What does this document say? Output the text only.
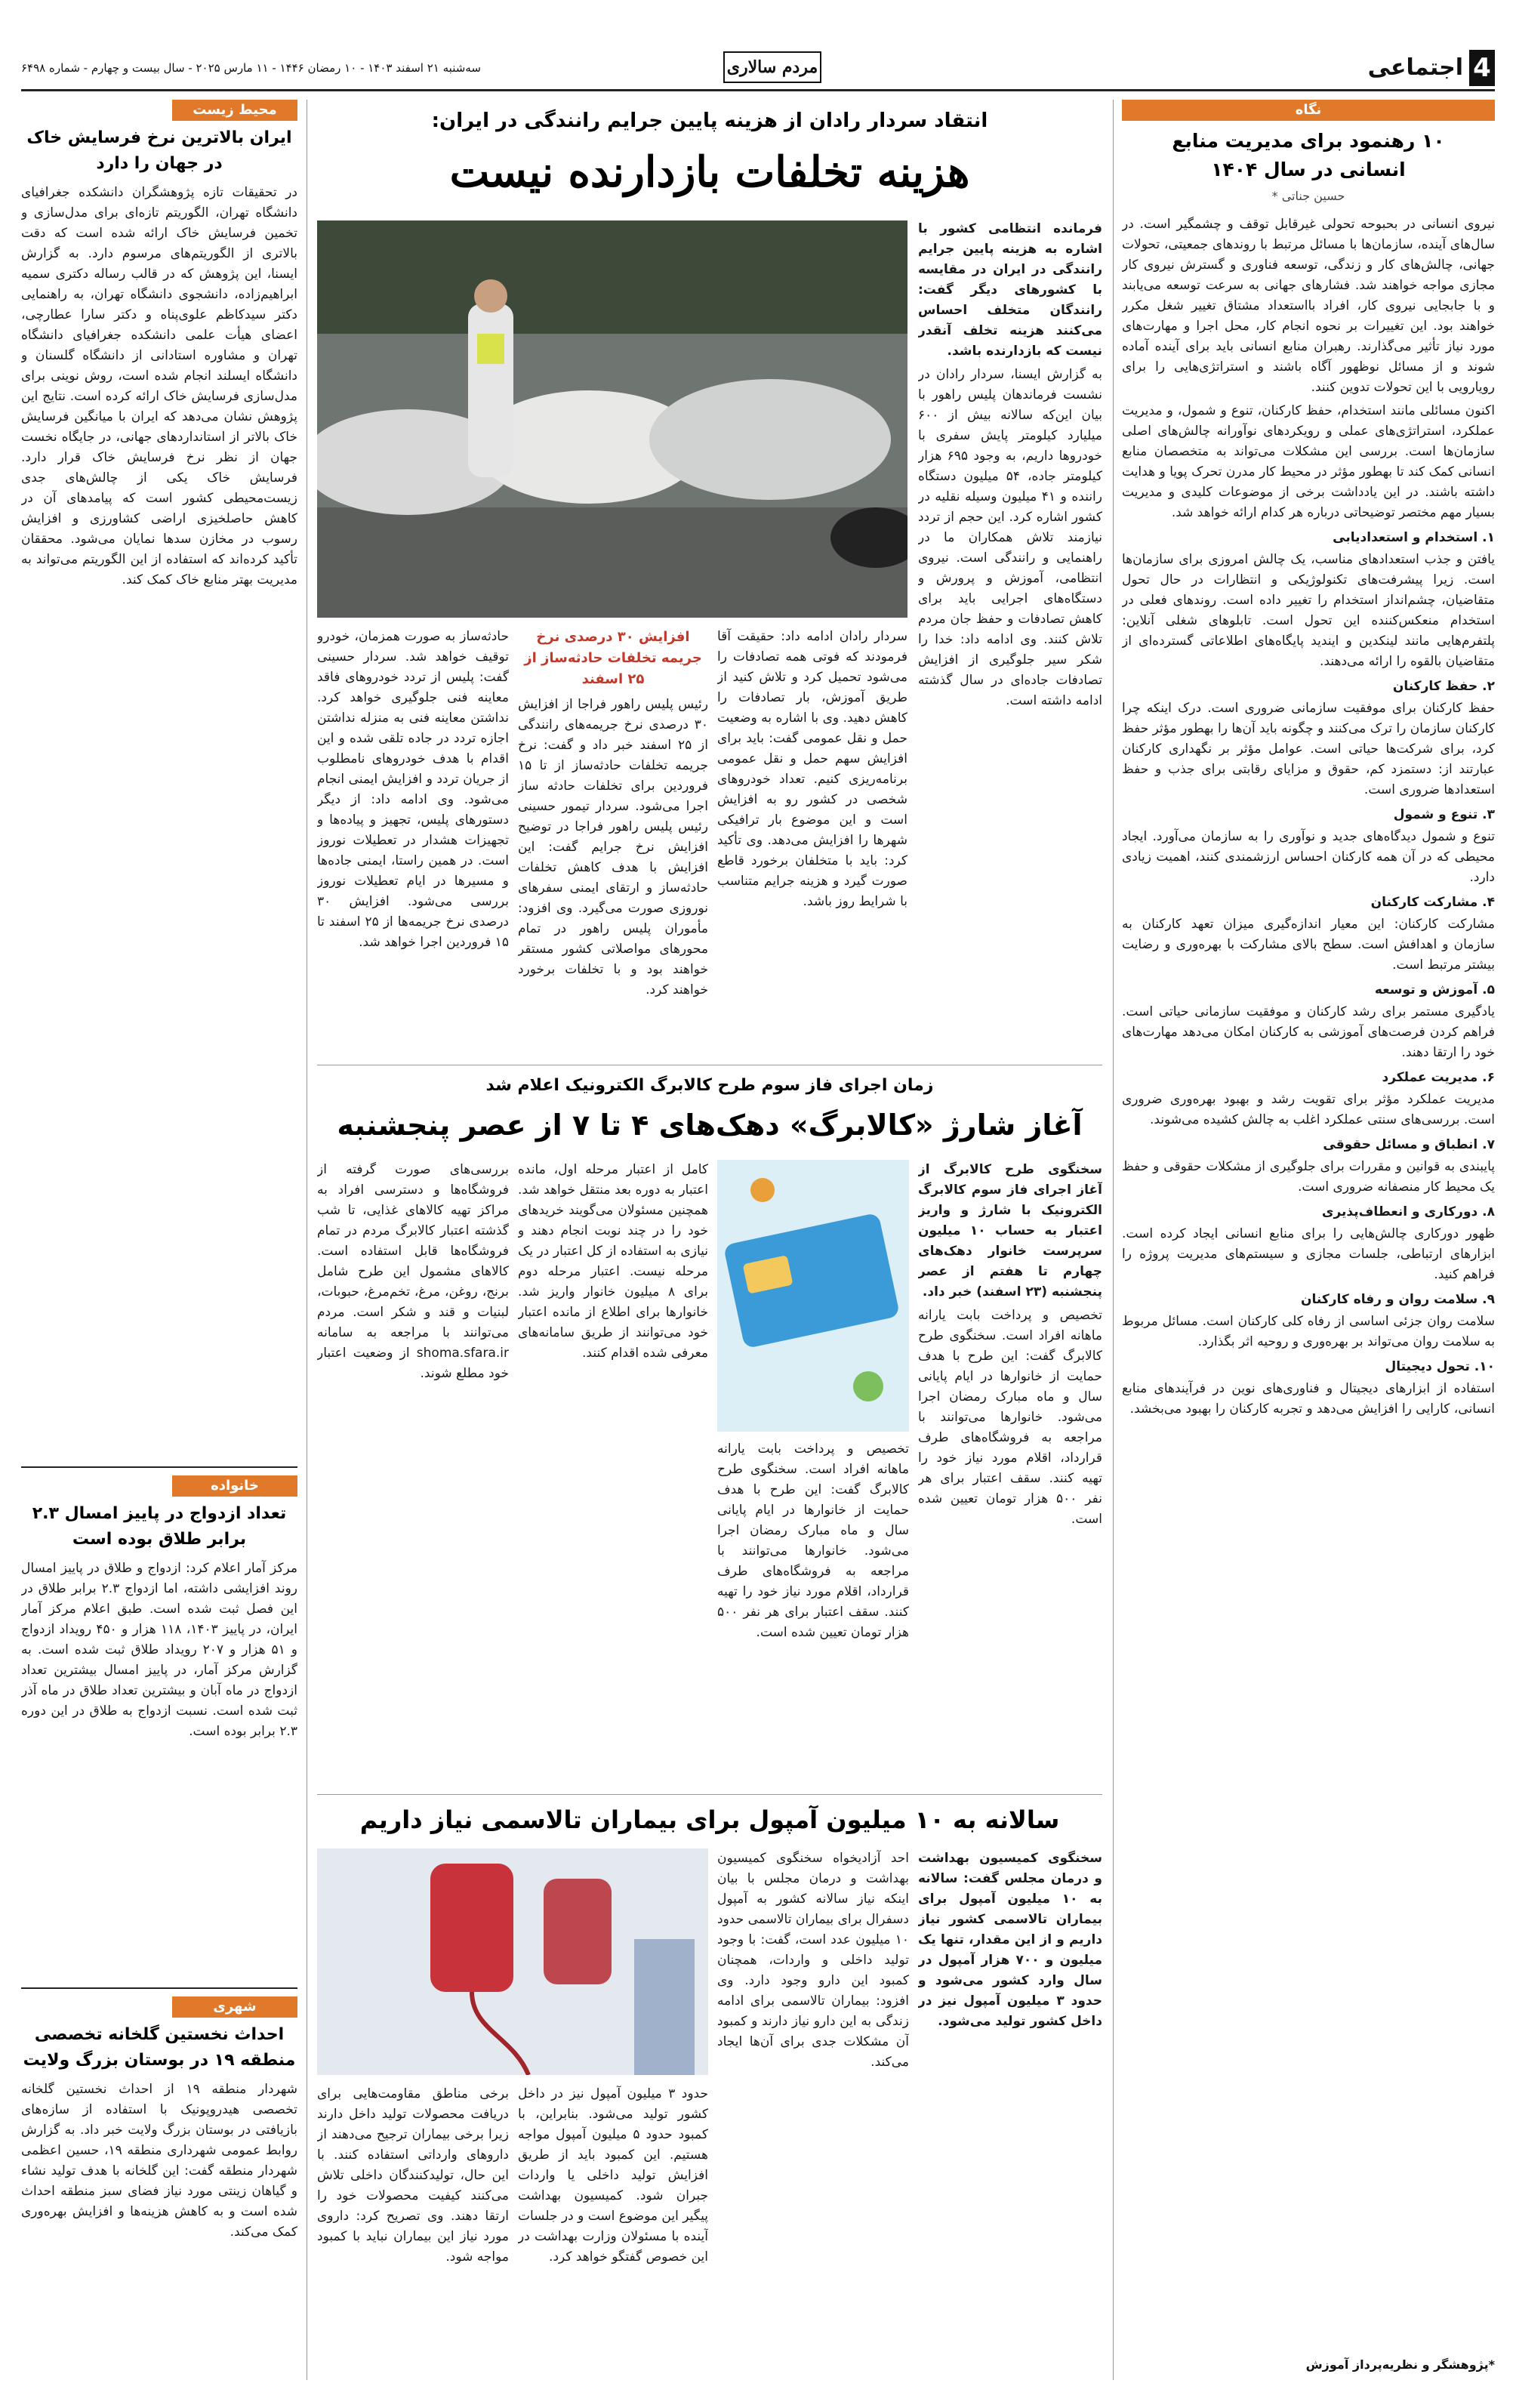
4
اجتماعی
مردم سالاری
سه‌شنبه ۲۱ اسفند ۱۴۰۳ - ۱۰ رمضان ۱۴۴۶ - ۱۱ مارس ۲۰۲۵ - سال بیست و چهارم - شماره ۶۴۹۸
نگاه
۱۰ رهنمود برای مدیریت منابع انسانی در سال ۱۴۰۴
حسین جناتی *

نیروی انسانی در بحبوحه تحولی غیرقابل توقف و چشمگیر است. در سال‌های آینده، سازمان‌ها با مسائل مرتبط با روندهای جمعیتی، تحولات جهانی، چالش‌های کار و زندگی، توسعه فناوری و گسترش نیروی کار مجازی مواجه خواهند شد. فشارهای جهانی به سرعت توسعه می‌یابند و با جابجایی نیروی کار، افراد بااستعداد مشتاق تغییر شغل مکرر خواهند بود. این تغییرات بر نحوه انجام کار، محل اجرا و مهارت‌های مورد نیاز تأثیر می‌گذارند. رهبران منابع انسانی باید برای آینده آماده شوند و از مسائل نوظهور آگاه باشند و استراتژی‌هایی را برای رویارویی با این تحولات تدوین کنند.

اکنون مسائلی مانند استخدام، حفظ کارکنان، تنوع و شمول، و مدیریت عملکرد، استراتژی‌های عملی و رویکردهای نوآورانه چالش‌های اصلی سازمان‌ها است. بررسی این مشکلات می‌تواند به متخصصان منابع انسانی کمک کند تا بهطور مؤثر در محیط کار مدرن تحرک پویا و هدایت داشته باشند. در این یادداشت برخی از موضوعات کلیدی و مدیریت بسیار مهم مختصر توضیحاتی درباره هر کدام ارائه خواهد شد.

۱. استخدام و استعدادیابی

یافتن و جذب استعدادهای مناسب، یک چالش امروزی برای سازمان‌ها است. زیرا پیشرفت‌های تکنولوژیکی و انتظارات در حال تحول متقاضیان، چشم‌انداز استخدام را تغییر داده است. روندهای فعلی در استخدام منعکس‌کننده این تحول است. تابلوهای شغلی آنلاین: پلتفرم‌هایی مانند لینکدین و ایندید پایگاه‌های اطلاعاتی گسترده‌ای از متقاضیان بالقوه را ارائه می‌دهند.

۲. حفظ کارکنان

حفظ کارکنان برای موفقیت سازمانی ضروری است. درک اینکه چرا کارکنان سازمان را ترک می‌کنند و چگونه باید آن‌ها را بهطور مؤثر حفظ کرد، برای شرکت‌ها حیاتی است. عوامل مؤثر بر نگهداری کارکنان عبارتند از: دستمزد کم، حقوق و مزایای رقابتی برای جذب و حفظ استعدادها ضروری است.

۳. تنوع و شمول

تنوع و شمول دیدگاه‌های جدید و نوآوری را به سازمان می‌آورد. ایجاد محیطی که در آن همه کارکنان احساس ارزشمندی کنند، اهمیت زیادی دارد.

۴. مشارکت کارکنان

مشارکت کارکنان: این معیار اندازه‌گیری میزان تعهد کارکنان به سازمان و اهدافش است. سطح بالای مشارکت با بهره‌وری و رضایت بیشتر مرتبط است.

۵. آموزش و توسعه

یادگیری مستمر برای رشد کارکنان و موفقیت سازمانی حیاتی است. فراهم کردن فرصت‌های آموزشی به کارکنان امکان می‌دهد مهارت‌های خود را ارتقا دهند.

۶. مدیریت عملکرد

مدیریت عملکرد مؤثر برای تقویت رشد و بهبود بهره‌وری ضروری است. بررسی‌های سنتی عملکرد اغلب به چالش کشیده می‌شوند.

۷. انطباق و مسائل حقوقی

پایبندی به قوانین و مقررات برای جلوگیری از مشکلات حقوقی و حفظ یک محیط کار منصفانه ضروری است.

۸. دورکاری و انعطاف‌پذیری

ظهور دورکاری چالش‌هایی را برای منابع انسانی ایجاد کرده است. ابزارهای ارتباطی، جلسات مجازی و سیستم‌های مدیریت پروژه را فراهم کنید.

۹. سلامت روان و رفاه کارکنان

سلامت روان جزئی اساسی از رفاه کلی کارکنان است. مسائل مربوط به سلامت روان می‌تواند بر بهره‌وری و روحیه اثر بگذارد.

۱۰. تحول دیجیتال

استفاده از ابزارهای دیجیتال و فناوری‌های نوین در فرآیندهای منابع انسانی، کارایی را افزایش می‌دهد و تجربه کارکنان را بهبود می‌بخشد.

*پژوهشگر و نظریه‌پرداز آموزش
انتقاد سردار رادان از هزینه پایین جرایم رانندگی در ایران:
هزینه تخلفات بازدارنده نیست

فرمانده انتظامی کشور با اشاره به هزینه پایین جرایم رانندگی در ایران در مقایسه با کشورهای دیگر گفت: رانندگان متخلف احساس می‌کنند هزینه تخلف آنقدر نیست که بازدارنده باشد.

به گزارش ایسنا، سردار رادان در نشست فرماندهان پلیس راهور با بیان این‌که سالانه بیش از ۶۰۰ میلیارد کیلومتر پایش سفری با خودروها داریم، به وجود ۶۹۵ هزار کیلومتر جاده، ۵۴ میلیون دستگاه راننده و ۴۱ میلیون وسیله نقلیه در کشور اشاره کرد. این حجم از تردد نیازمند تلاش همکاران ما در راهنمایی و رانندگی است. نیروی انتظامی، آموزش و پرورش و دستگاه‌های اجرایی باید برای کاهش تصادفات و حفظ جان مردم تلاش کنند. وی ادامه داد: خدا را شکر سیر جلوگیری از افزایش تصادفات جاده‌ای در سال گذشته ادامه داشته است.

سردار رادان ادامه داد: حقیقت آقا فرمودند که فوتی همه تصادفات را می‌شود تحمیل کرد و تلاش کنید از طریق آموزش، بار تصادفات را کاهش دهید. وی با اشاره به وضعیت حمل و نقل عمومی گفت: باید برای افزایش سهم حمل و نقل عمومی برنامه‌ریزی کنیم. تعداد خودروهای شخصی در کشور رو به افزایش است و این موضوع بار ترافیکی شهرها را افزایش می‌دهد. وی تأکید کرد: باید با متخلفان برخورد قاطع صورت گیرد و هزینه جرایم متناسب با شرایط روز باشد.

افزایش ۳۰ درصدی نرخ جریمه تخلفات حادثه‌ساز از ۲۵ اسفند
رئیس پلیس راهور فراجا از افزایش ۳۰ درصدی نرخ جریمه‌های رانندگی از ۲۵ اسفند خبر داد و گفت: نرخ جریمه تخلفات حادثه‌ساز از تا ۱۵ فروردین برای تخلفات حادثه ساز اجرا می‌شود. سردار تیمور حسینی رئیس پلیس راهور فراجا در توضیح افزایش نرخ جرایم گفت: این افزایش با هدف کاهش تخلفات حادثه‌ساز و ارتقای ایمنی سفرهای نوروزی صورت می‌گیرد. وی افزود: مأموران پلیس راهور در تمام محورهای مواصلاتی کشور مستقر خواهند بود و با تخلفات برخورد خواهند کرد.

حادثه‌ساز به صورت همزمان، خودرو توقیف خواهد شد. سردار حسینی گفت: پلیس از تردد خودروهای فاقد معاینه فنی جلوگیری خواهد کرد. نداشتن معاینه فنی به منزله نداشتن اجازه تردد در جاده تلقی شده و این اقدام با هدف خودروهای نامطلوب از جریان تردد و افزایش ایمنی انجام می‌شود. وی ادامه داد: از دیگر دستورهای پلیس، تجهیز و پیاده‌ها و تجهیزات هشدار در تعطیلات نوروز است. در همین راستا، ایمنی جاده‌ها و مسیرها در ایام تعطیلات نوروز بررسی می‌شود. افزایش ۳۰ درصدی نرخ جریمه‌ها از ۲۵ اسفند تا ۱۵ فروردین اجرا خواهد شد.

زمان اجرای فاز سوم طرح کالابرگ الکترونیک اعلام شد
آغاز شارژ «کالابرگ» دهک‌های ۴ تا ۷ از عصر پنجشنبه

سخنگوی طرح کالابرگ از آغاز اجرای فاز سوم کالابرگ الکترونیک با شارژ و واریز اعتبار به حساب ۱۰ میلیون سرپرست خانوار دهک‌های چهارم تا هفتم از عصر پنجشنبه (۲۳ اسفند) خبر داد.

تخصیص و پرداخت بابت یارانه ماهانه افراد است. سخنگوی طرح کالابرگ گفت: این طرح با هدف حمایت از خانوارها در ایام پایانی سال و ماه مبارک رمضان اجرا می‌شود. خانوارها می‌توانند با مراجعه به فروشگاه‌های طرف قرارداد، اقلام مورد نیاز خود را تهیه کنند. سقف اعتبار برای هر نفر ۵۰۰ هزار تومان تعیین شده است.

تخصیص و پرداخت بابت یارانه ماهانه افراد است. سخنگوی طرح کالابرگ گفت: این طرح با هدف حمایت از خانوارها در ایام پایانی سال و ماه مبارک رمضان اجرا می‌شود. خانوارها می‌توانند با مراجعه به فروشگاه‌های طرف قرارداد، اقلام مورد نیاز خود را تهیه کنند. سقف اعتبار برای هر نفر ۵۰۰ هزار تومان تعیین شده است.

کامل از اعتبار مرحله اول، مانده اعتبار به دوره بعد منتقل خواهد شد. همچنین مسئولان می‌گویند خریدهای خود را در چند نوبت انجام دهند و نیازی به استفاده از کل اعتبار در یک مرحله نیست. اعتبار مرحله دوم برای ۸ میلیون خانوار واریز شد. خانوارها برای اطلاع از مانده اعتبار خود می‌توانند از طریق سامانه‌های معرفی شده اقدام کنند.

بررسی‌های صورت گرفته از فروشگاه‌ها و دسترسی افراد به مراکز تهیه کالاهای غذایی، تا شب گذشته اعتبار کالابرگ مردم در تمام فروشگاه‌ها قابل استفاده است. کالاهای مشمول این طرح شامل برنج، روغن، مرغ، تخم‌مرغ، حبوبات، لبنیات و قند و شکر است. مردم می‌توانند با مراجعه به سامانه shoma.sfara.ir از وضعیت اعتبار خود مطلع شوند.

سالانه به ۱۰ میلیون آمپول برای بیماران تالاسمی نیاز داریم

سخنگوی کمیسیون بهداشت و درمان مجلس گفت: سالانه به ۱۰ میلیون آمپول برای بیماران تالاسمی کشور نیاز داریم و از این مقدار، تنها یک میلیون و ۷۰۰ هزار آمپول در سال وارد کشور می‌شود و حدود ۳ میلیون آمپول نیز در داخل کشور تولید می‌شود.

احد آزادیخواه سخنگوی کمیسیون بهداشت و درمان مجلس با بیان اینکه نیاز سالانه کشور به آمپول دسفرال برای بیماران تالاسمی حدود ۱۰ میلیون عدد است، گفت: با وجود تولید داخلی و واردات، همچنان کمبود این دارو وجود دارد. وی افزود: بیماران تالاسمی برای ادامه زندگی به این دارو نیاز دارند و کمبود آن مشکلات جدی برای آن‌ها ایجاد می‌کند.

حدود ۳ میلیون آمپول نیز در داخل کشور تولید می‌شود. بنابراین، با کمبود حدود ۵ میلیون آمپول مواجه هستیم. این کمبود باید از طریق افزایش تولید داخلی یا واردات جبران شود. کمیسیون بهداشت پیگیر این موضوع است و در جلسات آینده با مسئولان وزارت بهداشت در این خصوص گفتگو خواهد کرد.

برخی مناطق مقاومت‌هایی برای دریافت محصولات تولید داخل دارند زیرا برخی بیماران ترجیح می‌دهند از داروهای وارداتی استفاده کنند. با این حال، تولیدکنندگان داخلی تلاش می‌کنند کیفیت محصولات خود را ارتقا دهند. وی تصریح کرد: داروی مورد نیاز این بیماران نباید با کمبود مواجه شود.

محیط زیست
ایران بالاترین نرخ فرسایش خاک در جهان را دارد
در تحقیقات تازه پژوهشگران دانشکده جغرافیای دانشگاه تهران، الگوریتم تازه‌ای برای مدل‌سازی و تخمین فرسایش خاک ارائه شده است که دقت بالاتری از الگوریتم‌های مرسوم دارد. به گزارش ایسنا، این پژوهش که در قالب رساله دکتری سمیه ابراهیم‌زاده، دانشجوی دانشگاه تهران، به راهنمایی دکتر سیدکاظم علوی‌پناه و دکتر سارا عطارچی، اعضای هیأت علمی دانشکده جغرافیای دانشگاه تهران و مشاوره استادانی از دانشگاه گلسنان و دانشگاه ایسلند انجام شده است، روش نوینی برای مدل‌سازی فرسایش خاک ارائه کرده است. نتایج این پژوهش نشان می‌دهد که ایران با میانگین فرسایش خاک بالاتر از استانداردهای جهانی، در جایگاه نخست جهان از نظر نرخ فرسایش خاک قرار دارد. فرسایش خاک یکی از چالش‌های جدی زیست‌محیطی کشور است که پیامدهای آن در کاهش حاصلخیزی اراضی کشاورزی و افزایش رسوب در مخازن سدها نمایان می‌شود. محققان تأکید کرده‌اند که استفاده از این الگوریتم می‌تواند به مدیریت بهتر منابع خاک کمک کند.
خانواده
تعداد ازدواج در پاییز امسال ۲.۳ برابر طلاق بوده است
مرکز آمار اعلام کرد: ازدواج و طلاق در پاییز امسال روند افزایشی داشته، اما ازدواج ۲.۳ برابر طلاق در این فصل ثبت شده است. طبق اعلام مرکز آمار ایران، در پاییز ۱۴۰۳، ۱۱۸ هزار و ۴۵۰ رویداد ازدواج و ۵۱ هزار و ۲۰۷ رویداد طلاق ثبت شده است. به گزارش مرکز آمار، در پاییز امسال بیشترین تعداد ازدواج در ماه آبان و بیشترین تعداد طلاق در ماه آذر ثبت شده است. نسبت ازدواج به طلاق در این دوره ۲.۳ برابر بوده است.
شهری
احداث نخستین گلخانه تخصصی منطقه ۱۹ در بوستان بزرگ ولایت
شهردار منطقه ۱۹ از احداث نخستین گلخانه تخصصی هیدروپونیک با استفاده از سازه‌های بازیافتی در بوستان بزرگ ولایت خبر داد. به گزارش روابط عمومی شهرداری منطقه ۱۹، حسین اعظمی شهردار منطقه گفت: این گلخانه با هدف تولید نشاء و گیاهان زینتی مورد نیاز فضای سبز منطقه احداث شده است و به کاهش هزینه‌ها و افزایش بهره‌وری کمک می‌کند.
